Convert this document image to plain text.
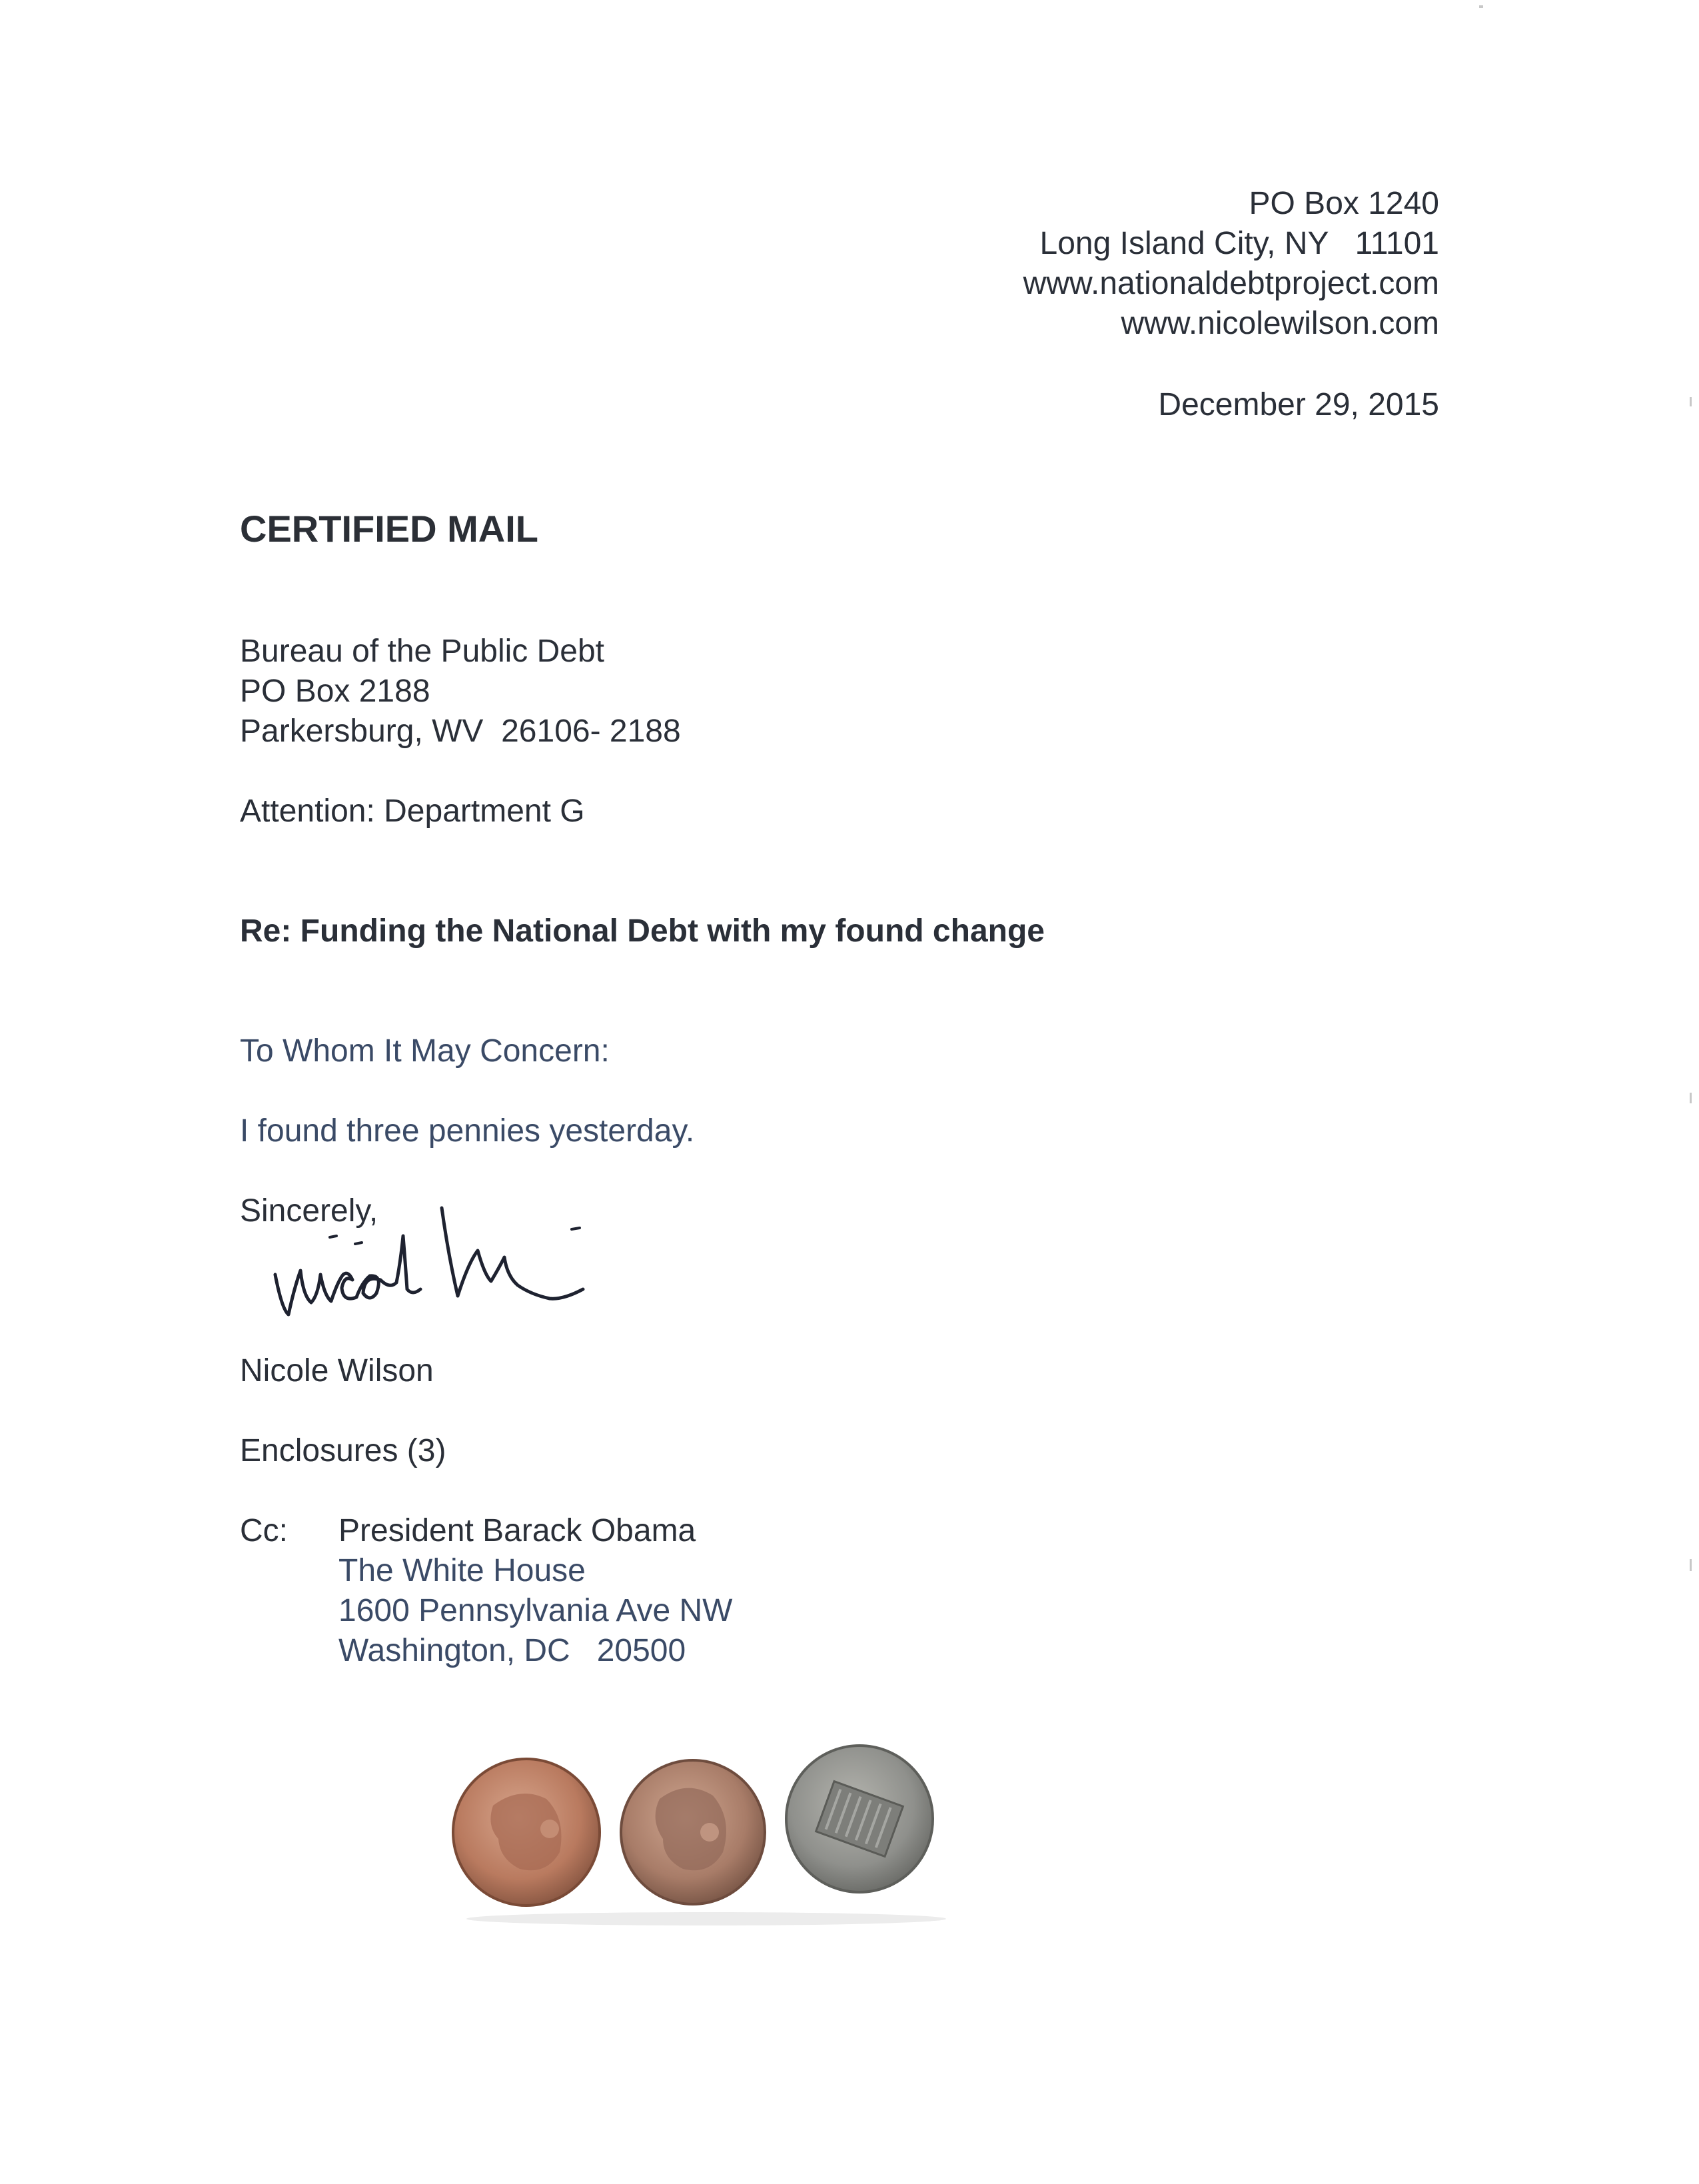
PO Box 1240
Long Island City, NY   11101
www.nationaldebtproject.com
www.nicolewilson.com
December 29, 2015
CERTIFIED MAIL
Bureau of the Public Debt
PO Box 2188
Parkersburg, WV  26106- 2188
Attention: Department G
Re: Funding the National Debt with my found change
To Whom It May Concern:
I found three pennies yesterday.
Sincerely,
Nicole Wilson
Enclosures (3)
Cc: President Barack Obama
The White House
1600 Pennsylvania Ave NW
Washington, DC   20500
